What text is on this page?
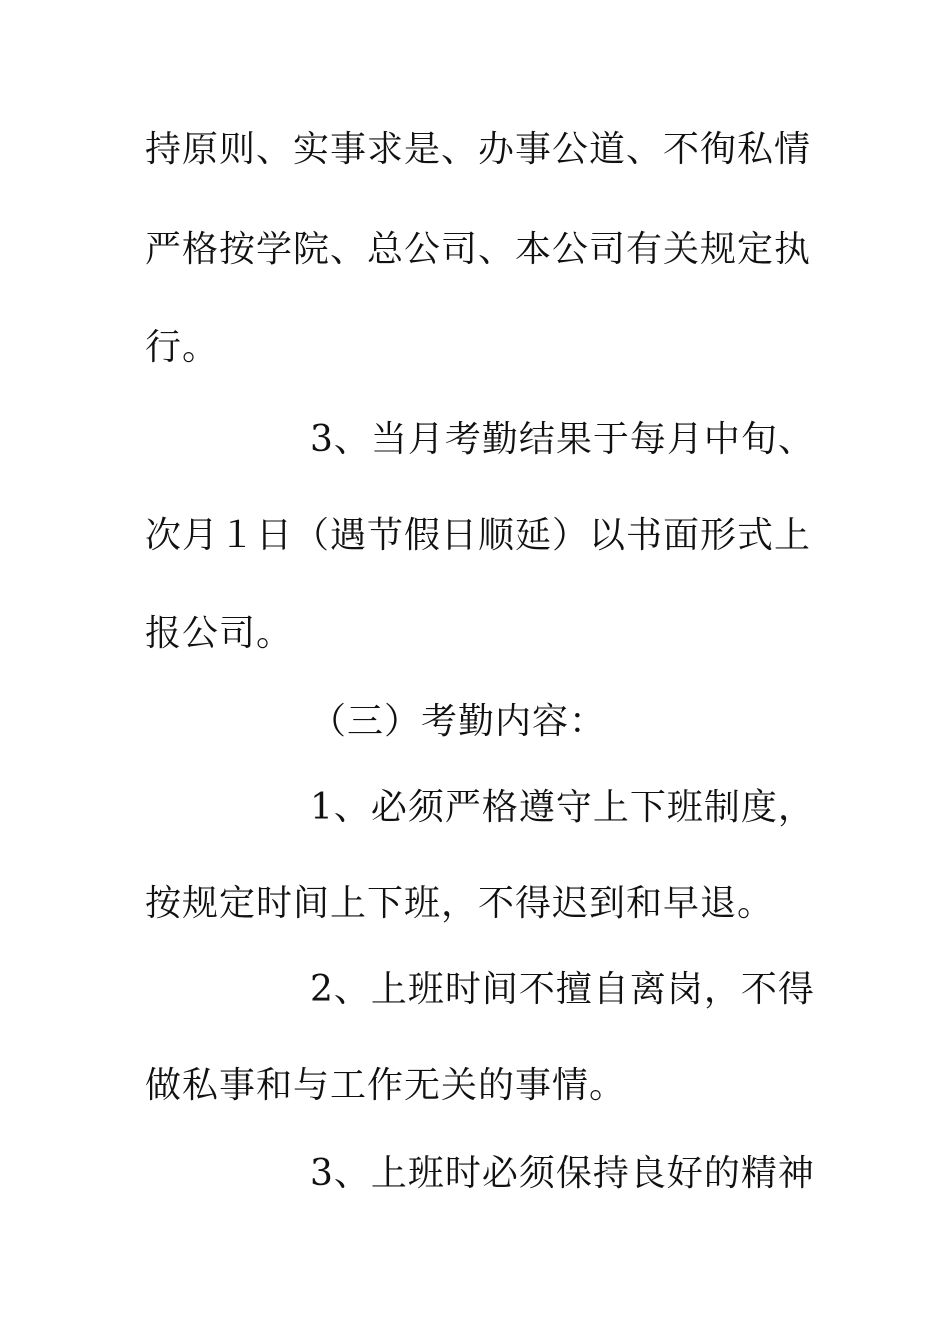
持原则、实事求是、办事公道、不徇私情
严格按学院、总公司、本公司有关规定执
行。
3、当月考勤结果于每月中旬、
次月１日（遇节假日顺延）以书面形式上
报公司。
（三）考勤内容：
1、必须严格遵守上下班制度，
按规定时间上下班，不得迟到和早退。
2、上班时间不擅自离岗，不得
做私事和与工作无关的事情。
3、上班时必须保持良好的精神
